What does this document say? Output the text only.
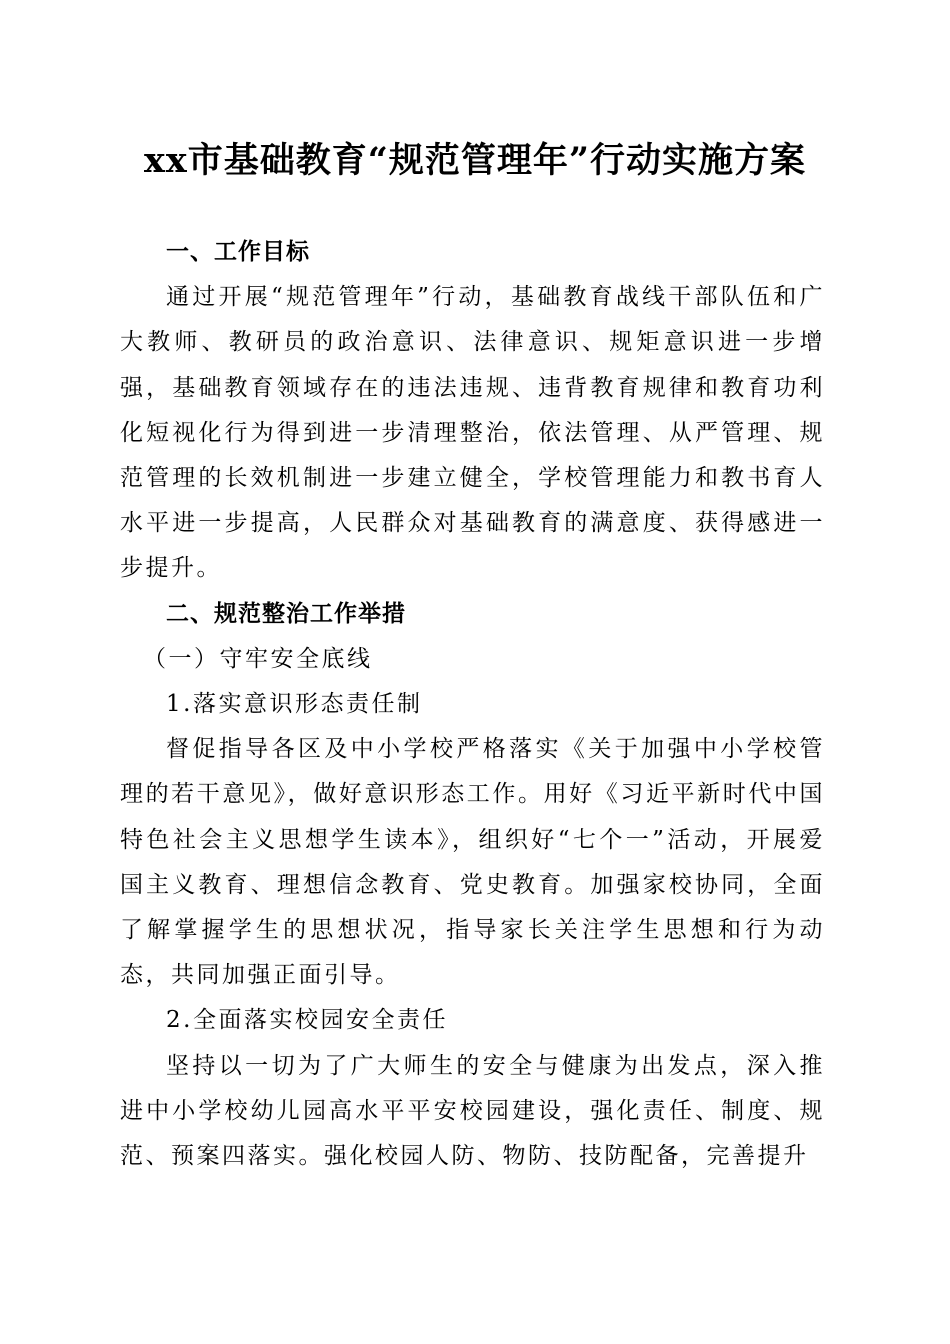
xx市基础教育“规范管理年”行动实施方案

一、工作目标

通过开展“规范管理年”行动，基础教育战线干部队伍和广大教师、教研员的政治意识、法律意识、规矩意识进一步增强，基础教育领域存在的违法违规、违背教育规律和教育功利化短视化行为得到进一步清理整治，依法管理、从严管理、规范管理的长效机制进一步建立健全，学校管理能力和教书育人水平进一步提高，人民群众对基础教育的满意度、获得感进一步提升。

二、规范整治工作举措

（一）守牢安全底线

1.落实意识形态责任制

督促指导各区及中小学校严格落实《关于加强中小学校管理的若干意见》，做好意识形态工作。用好《习近平新时代中国特色社会主义思想学生读本》，组织好“七个一”活动，开展爱国主义教育、理想信念教育、党史教育。加强家校协同，全面了解掌握学生的思想状况，指导家长关注学生思想和行为动态，共同加强正面引导。

2.全面落实校园安全责任

坚持以一切为了广大师生的安全与健康为出发点，深入推进中小学校幼儿园高水平平安校园建设，强化责任、制度、规范、预案四落实。强化校园人防、物防、技防配备，完善提升
